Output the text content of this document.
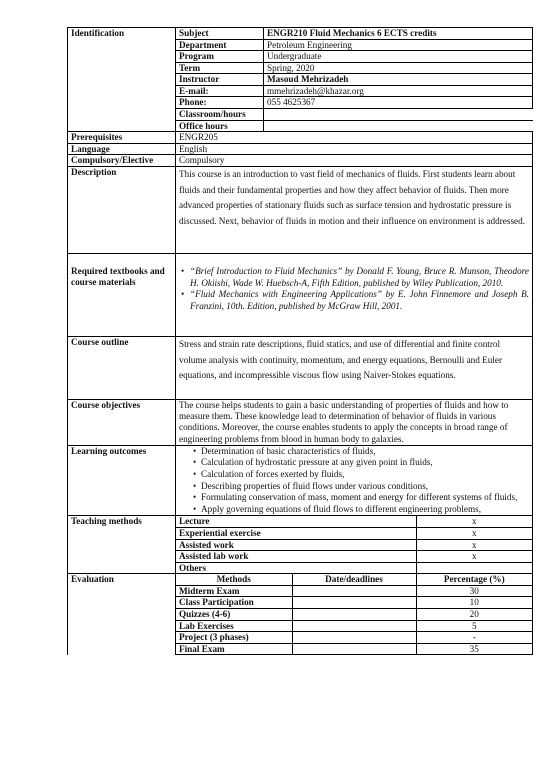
Identification	Subject	ENGR210 Fluid Mechanics 6 ECTS credits
Department	Petroleum Engineering
Program	Undergraduate
Term	Spring, 2020
Instructor	Masoud Mehrizadeh
E-mail:	mmehrizadeh@khazar.org
Phone:	055 4625367
Classroom/hours	
Office hours	
Prerequisites	ENGR205
Language	English
Compulsory/Elective	Compulsory
Description	This course is an introduction to vast field of mechanics of fluids. First students learn about fluids and their fundamental properties and how they affect behavior of fluids. Then more advanced properties of stationary fluids such as surface tension and hydrostatic pressure is discussed. Next, behavior of fluids in motion and their influence on environment is addressed.

Required textbooks and course materials	
• “Brief Introduction to Fluid Mechanics” by Donald F. Young, Bruce R. Munson, Theodore H. Okiishi, Wade W. Huebsch-A, Fifth Edition, published by Wiley Publication, 2010.
• “Fluid Mechanics with Engineering Applications” by E. John Finnemore and Joseph B. Franzini, 10th. Edition, published by McGraw Hill, 2001.

Course outline	Stress and strain rate descriptions, fluid statics, and use of differential and finite control volume analysis with continuity, momentum, and energy equations, Bernoulli and Euler equations, and incompressible viscous flow using Naiver-Stokes equations.

Course objectives	The course helps students to gain a basic understanding of properties of fluids and how to measure them. These knowledge lead to determination of behavior of fluids in various conditions. Moreover, the course enables students to apply the concepts in broad range of engineering problems from blood in human body to galaxies.

Learning outcomes	
•Determination of basic characteristics of fluids,
• Calculation of hydrostatic pressure at any given point in fluids,
• Calculation of forces exerted by fluids,
• Describing properties of fluid flows under various conditions,
• Formulating conservation of mass, moment and energy for different systems of fluids,
• Apply governing equations of fluid flows to different engineering problems,

Teaching methods		Lecture	x
Experiential exercise	x
Assisted work	x
Assisted lab work	x
Others	

Evaluation		Methods	Date/deadlines	Percentage (%)
Midterm Exam		30
Class Participation		10
Quizzes (4-6)		20
Lab Exercises		5
Project (3 phases)		-
Final Exam		35
